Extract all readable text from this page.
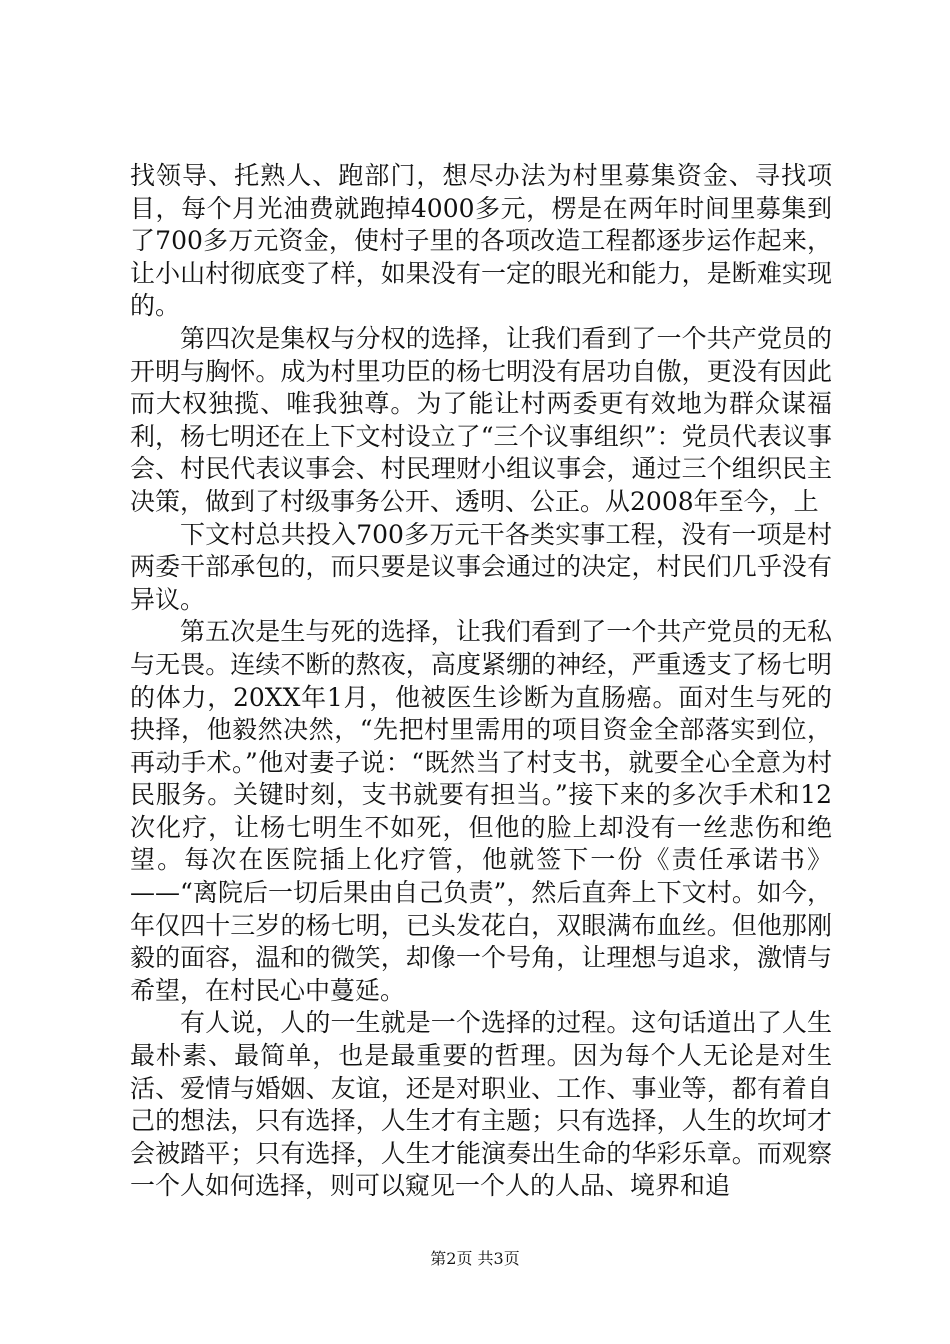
找领导、托熟人、跑部门，想尽办法为村里募集资金、寻找项目，每个月光油费就跑掉4000多元，楞是在两年时间里募集到了700多万元资金，使村子里的各项改造工程都逐步运作起来，让小山村彻底变了样，如果没有一定的眼光和能力，是断难实现的。

第四次是集权与分权的选择，让我们看到了一个共产党员的开明与胸怀。成为村里功臣的杨七明没有居功自傲，更没有因此而大权独揽、唯我独尊。为了能让村两委更有效地为群众谋福利，杨七明还在上下文村设立了“三个议事组织”：党员代表议事会、村民代表议事会、村民理财小组议事会，通过三个组织民主决策，做到了村级事务公开、透明、公正。从2008年至今，上

下文村总共投入700多万元干各类实事工程，没有一项是村两委干部承包的，而只要是议事会通过的决定，村民们几乎没有异议。

第五次是生与死的选择，让我们看到了一个共产党员的无私与无畏。连续不断的熬夜，高度紧绷的神经，严重透支了杨七明的体力，20XX年1月，他被医生诊断为直肠癌。面对生与死的抉择，他毅然决然，“先把村里需用的项目资金全部落实到位，再动手术。”他对妻子说：“既然当了村支书，就要全心全意为村民服务。关键时刻，支书就要有担当。”接下来的多次手术和12次化疗，让杨七明生不如死，但他的脸上却没有一丝悲伤和绝望。每次在医院插上化疗管，他就签下一份《责任承诺书》——“离院后一切后果由自己负责”，然后直奔上下文村。如今，年仅四十三岁的杨七明，已头发花白，双眼满布血丝。但他那刚毅的面容，温和的微笑，却像一个号角，让理想与追求，激情与希望，在村民心中蔓延。

有人说，人的一生就是一个选择的过程。这句话道出了人生最朴素、最简单，也是最重要的哲理。因为每个人无论是对生活、爱情与婚姻、友谊，还是对职业、工作、事业等，都有着自己的想法，只有选择，人生才有主题；只有选择，人生的坎坷才会被踏平；只有选择，人生才能演奏出生命的华彩乐章。而观察一个人如何选择，则可以窥见一个人的人品、境界和追

第2页 共3页
